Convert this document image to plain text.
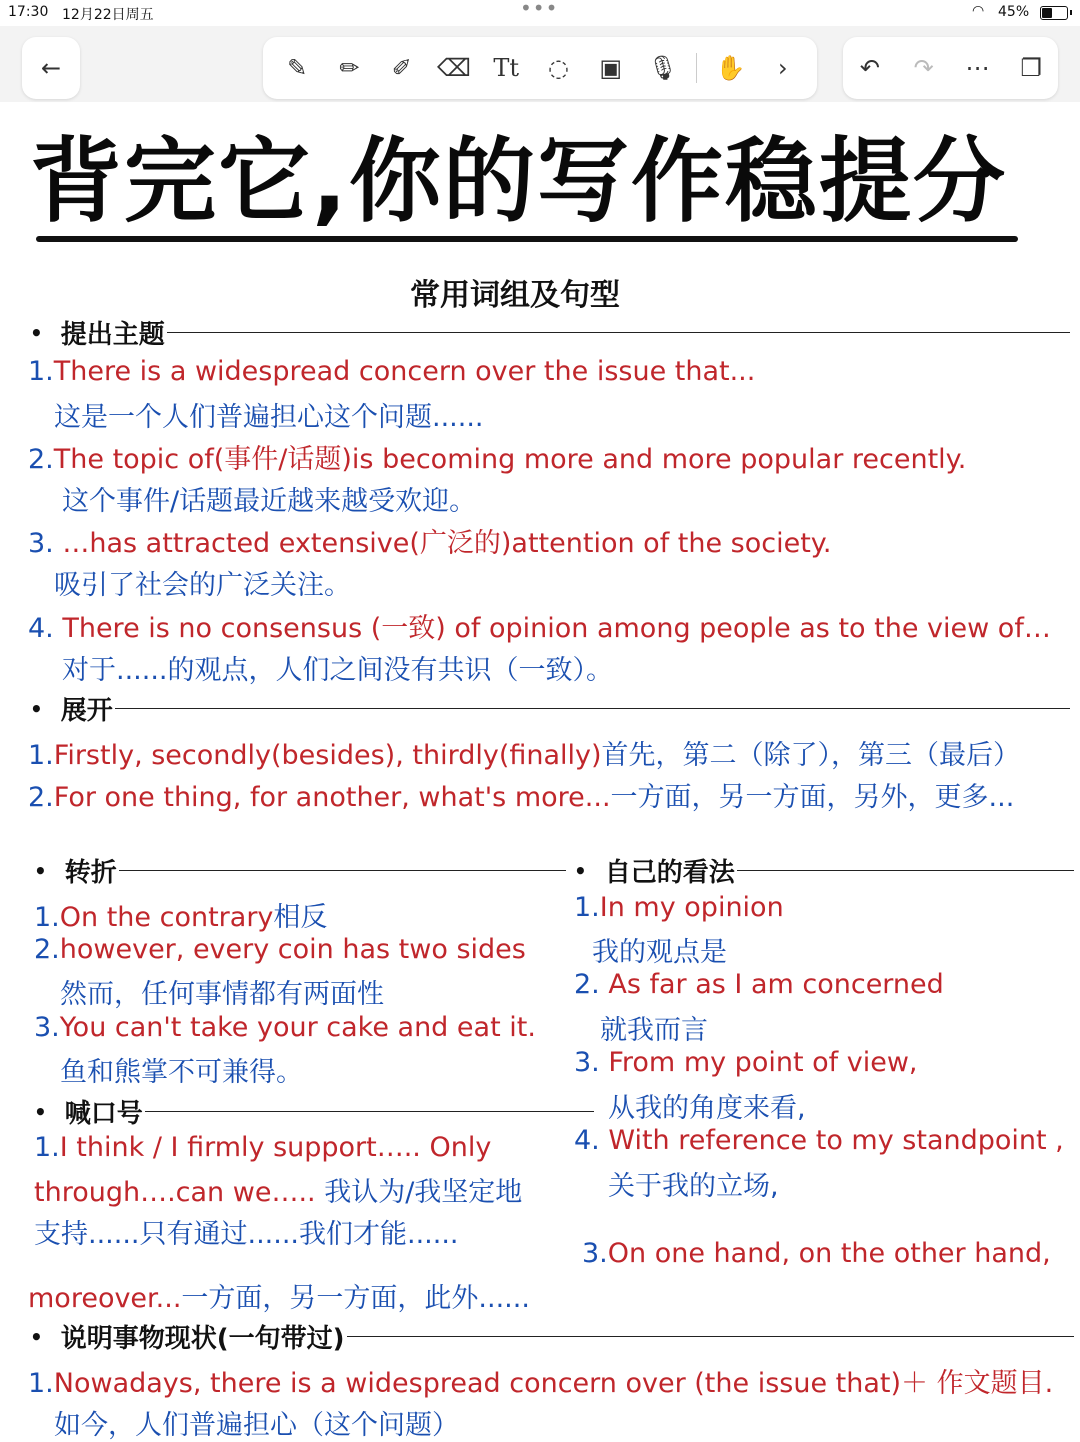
17:30 12月22日周五	•••	◠ 45%
←	✎	✏	✐	⌫ Tt	◌	▣	🎙 ✋	›	↶	↷	⋯	❐
背完它,你的写作稳提分
常用词组及句型
• 提出主题
1.There is a widespread concern over the issue that...
这是一个人们普遍担心这个问题......
2.The topic of(事件/话题)is becoming more and more popular recently.
这个事件/话题最近越来越受欢迎。
3. …has attracted extensive(广泛的)attention of the society.
吸引了社会的广泛关注。
4. There is no consensus (一致) of opinion among people as to the view of…
对于......的观点，人们之间没有共识（一致）。
• 展开
1.Firstly, secondly(besides), thirdly(finally)首先，第二（除了），第三（最后）
2.For one thing, for another, what's more...一方面，另一方面，另外，更多...
• 转折
1.On the contrary相反
2.however, every coin has two sides
然而，任何事情都有两面性
3.You can't take your cake and eat it.
鱼和熊掌不可兼得。
• 喊口号
1.I think / I firmly support….. Only
through….can we….. 我认为/我坚定地
支持......只有通过......我们才能......
moreover...一方面，另一方面，此外......
• 自己的看法
1.In my opinion
我的观点是
2. As far as I am concerned
就我而言
3. From my point of view,
从我的角度来看,
4. With reference to my standpoint ,
关于我的立场,
3.On one hand, on the other hand,
• 说明事物现状(一句带过)
1.Nowadays, there is a widespread concern over (the issue that)＋ 作文题目.
如今，人们普遍担心（这个问题）
